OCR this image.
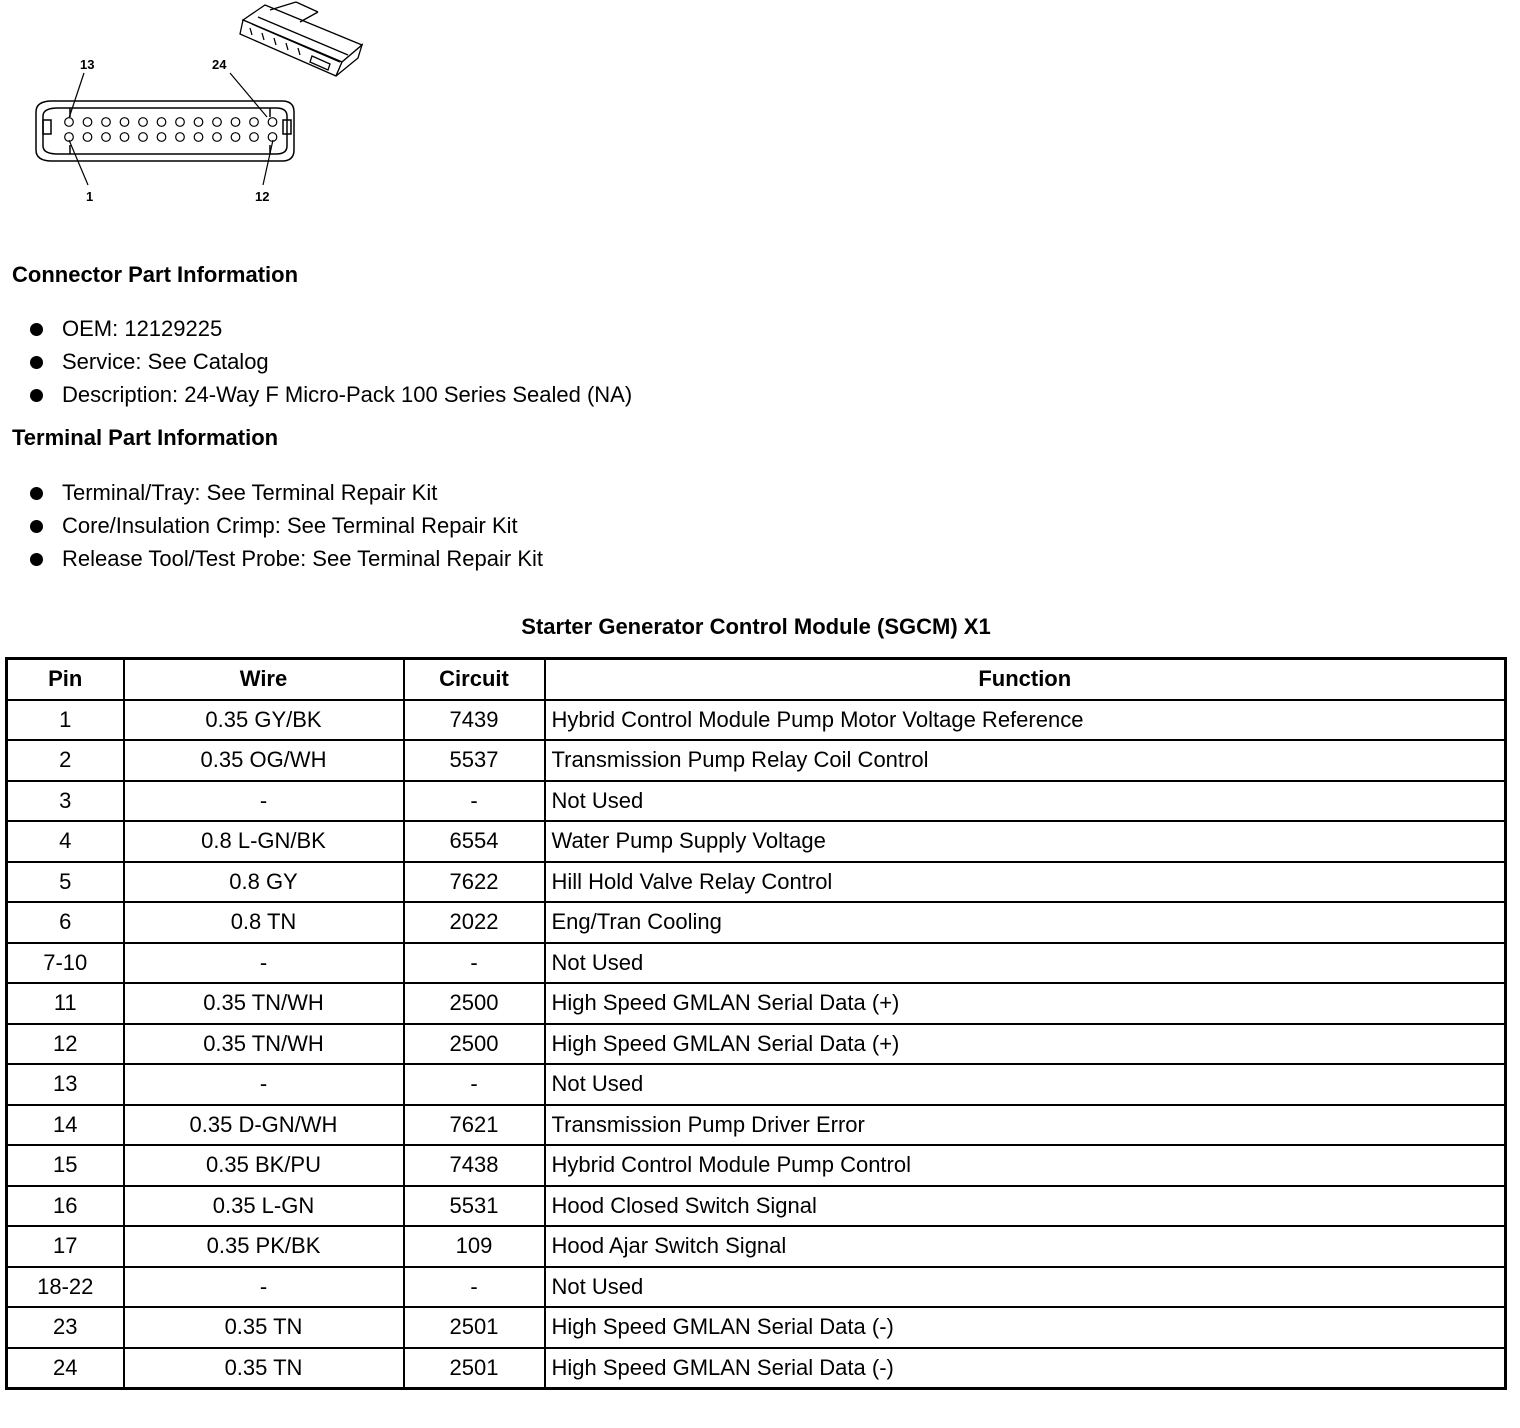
13	24
1	12
Connector Part Information
OEM: 12129225
Service: See Catalog
Description: 24-Way F Micro-Pack 100 Series Sealed (NA)
Terminal Part Information
Terminal/Tray: See Terminal Repair Kit
Core/Insulation Crimp: See Terminal Repair Kit
Release Tool/Test Probe: See Terminal Repair Kit
Starter Generator Control Module (SGCM) X1
Pin	Wire	Circuit	Function
1	0.35 GY/BK	7439	Hybrid Control Module Pump Motor Voltage Reference
2	0.35 OG/WH	5537	Transmission Pump Relay Coil Control
3	-	-	Not Used
4	0.8 L-GN/BK	6554	Water Pump Supply Voltage
5	0.8 GY	7622	Hill Hold Valve Relay Control
6	0.8 TN	2022	Eng/Tran Cooling
7-10	-	-	Not Used
11	0.35 TN/WH	2500	High Speed GMLAN Serial Data (+)
12	0.35 TN/WH	2500	High Speed GMLAN Serial Data (+)
13	-	-	Not Used
14	0.35 D-GN/WH	7621	Transmission Pump Driver Error
15	0.35 BK/PU	7438	Hybrid Control Module Pump Control
16	0.35 L-GN	5531	Hood Closed Switch Signal
17	0.35 PK/BK	109	Hood Ajar Switch Signal
18-22	-	-	Not Used
23	0.35 TN	2501	High Speed GMLAN Serial Data (-)
24	0.35 TN	2501	High Speed GMLAN Serial Data (-)
